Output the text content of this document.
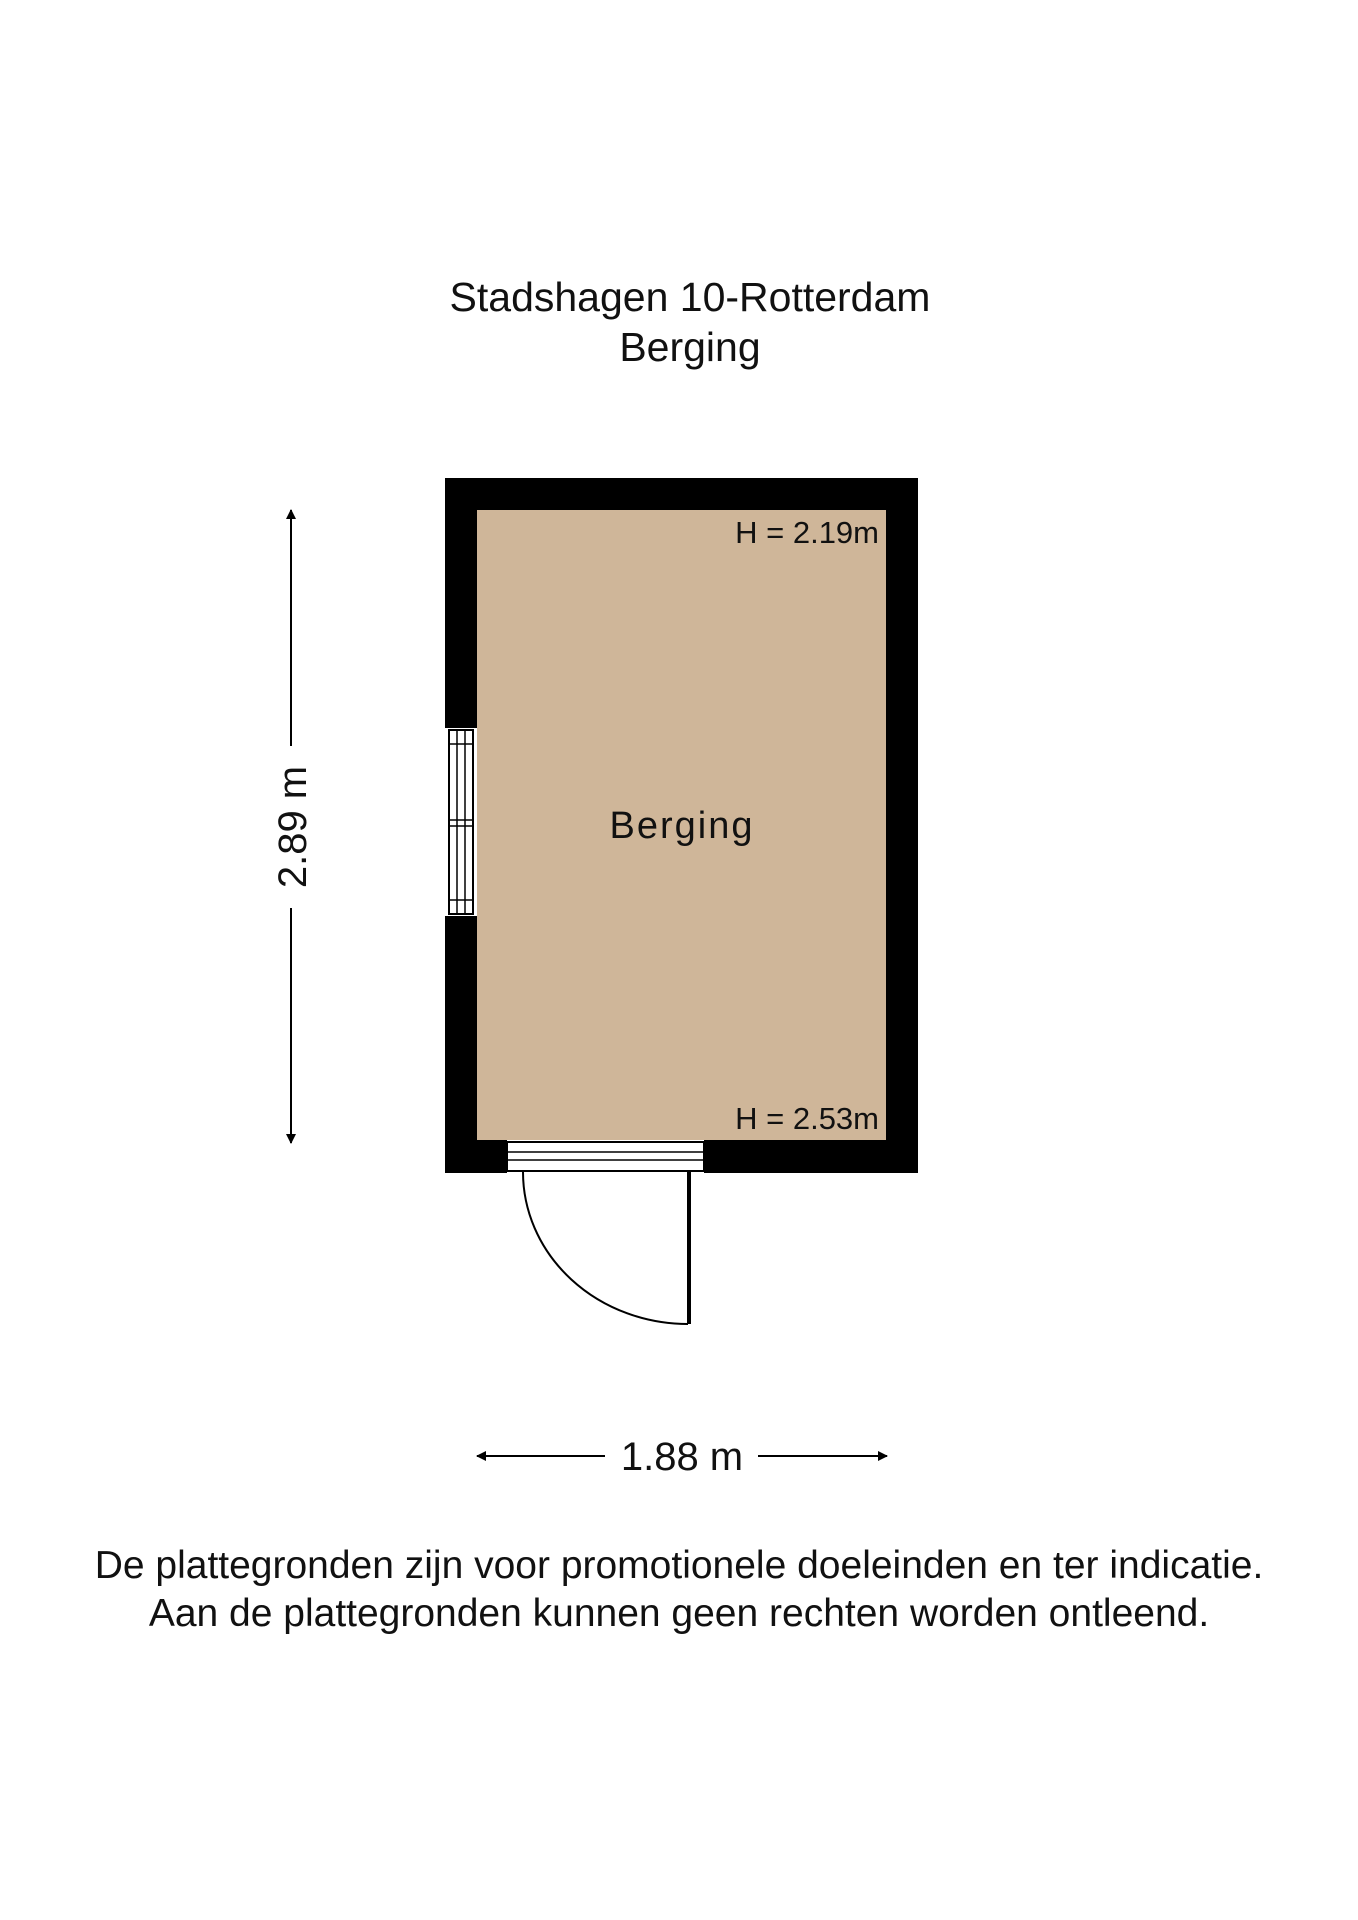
Stadshagen 10-Rotterdam
Berging
Berging
H = 2.19m
H = 2.53m
2.89 m
1.88 m
De plattegronden zijn voor promotionele doeleinden en ter indicatie.
Aan de plattegronden kunnen geen rechten worden ontleend.
